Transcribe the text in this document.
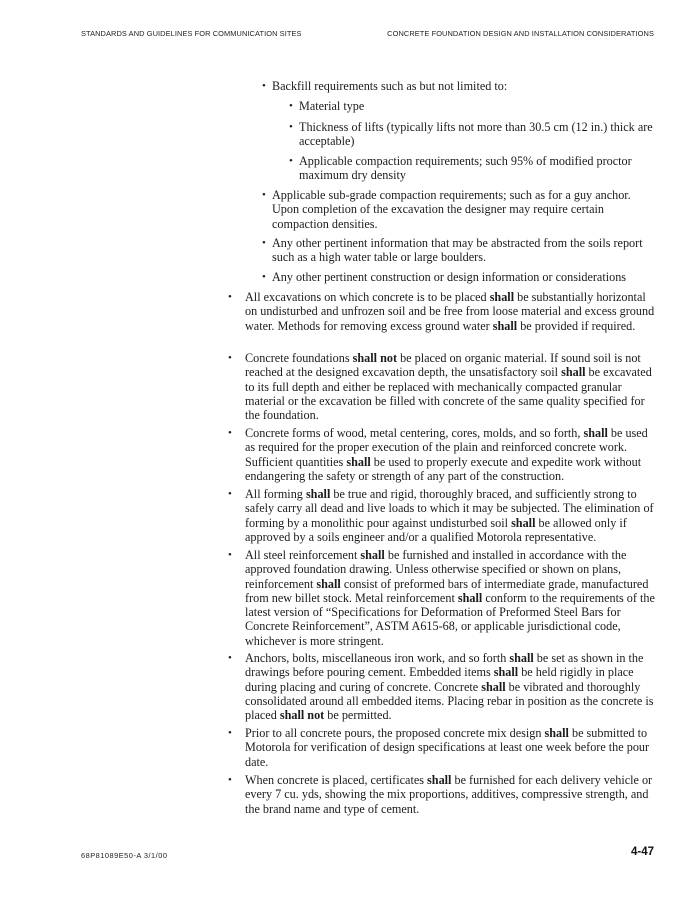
STANDARDS AND GUIDELINES FOR COMMUNICATION SITES	CONCRETE FOUNDATION DESIGN AND INSTALLATION CONSIDERATIONS
• Backfill requirements such as but not limited to:

• Material type

• Thickness of lifts (typically lifts not more than 30.5 cm (12 in.) thick are acceptable)

• Applicable compaction requirements; such 95% of modified proctor maximum dry density

• Applicable sub-grade compaction requirements; such as for a guy anchor. Upon completion of the excavation the designer may require certain compaction densities.

• Any other pertinent information that may be abstracted from the soils report such as a high water table or large boulders.

• Any other pertinent construction or design information or considerations

• All excavations on which concrete is to be placed shall be substantially horizontal on undisturbed and unfrozen soil and be free from loose material and excess ground water. Methods for removing excess ground water shall be provided if required.

• Concrete foundations shall not be placed on organic material. If sound soil is not reached at the designed excavation depth, the unsatisfactory soil shall be excavated to its full depth and either be replaced with mechanically compacted granular material or the excavation be filled with concrete of the same quality specified for the foundation.

• Concrete forms of wood, metal centering, cores, molds, and so forth, shall be used as required for the proper execution of the plain and reinforced concrete work. Sufficient quantities shall be used to properly execute and expedite work without endangering the safety or strength of any part of the construction.

• All forming shall be true and rigid, thoroughly braced, and sufficiently strong to safely carry all dead and live loads to which it may be subjected. The elimination of forming by a monolithic pour against undisturbed soil shall be allowed only if approved by a soils engineer and/or a qualified Motorola representative.

• All steel reinforcement shall be furnished and installed in accordance with the approved foundation drawing. Unless otherwise specified or shown on plans, reinforcement shall consist of preformed bars of intermediate grade, manufactured from new billet stock. Metal reinforcement shall conform to the requirements of the latest version of “Specifications for Deformation of Preformed Steel Bars for Concrete Reinforcement”, ASTM A615-68, or applicable jurisdictional code, whichever is more stringent.

• Anchors, bolts, miscellaneous iron work, and so forth shall be set as shown in the drawings before pouring cement. Embedded items shall be held rigidly in place during placing and curing of concrete. Concrete shall be vibrated and thoroughly consolidated around all embedded items. Placing rebar in position as the concrete is placed shall not be permitted.

• Prior to all concrete pours, the proposed concrete mix design shall be submitted to Motorola for verification of design specifications at least one week before the pour date.

• When concrete is placed, certificates shall be furnished for each delivery vehicle or every 7 cu. yds, showing the mix proportions, additives, compressive strength, and the brand name and type of cement.

68P81089E50-A 3/1/00	4-47
